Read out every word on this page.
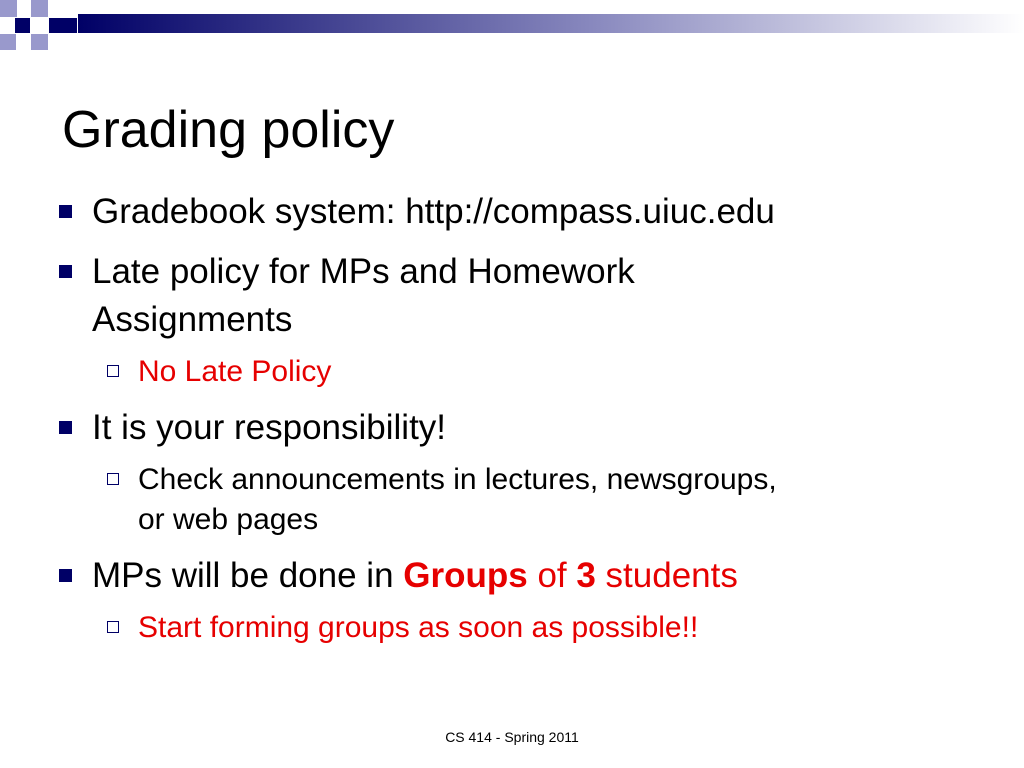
Grading policy
Gradebook system: http://compass.uiuc.edu
Late policy for MPs and Homework
Assignments
No Late Policy
It is your responsibility!
Check announcements in lectures, newsgroups,
or web pages
MPs will be done in Groups of 3 students
Start forming groups as soon as possible!!
CS 414 - Spring 2011
